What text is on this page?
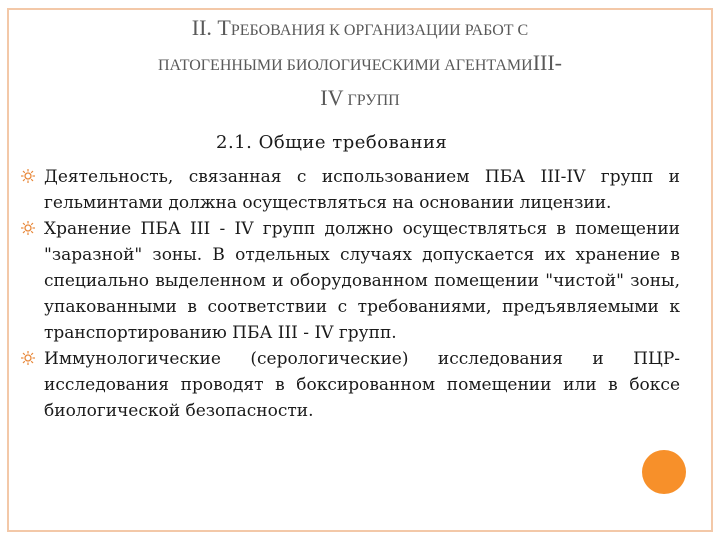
II. ТРЕБОВАНИЯ К ОРГАНИЗАЦИИ РАБОТ С
ПАТОГЕННЫМИ БИОЛОГИЧЕСКИМИ АГЕНТАМИIII-
IV ГРУПП
2.1. Общие требования
Деятельность, связанная с использованием ПБА III-IV групп и гельминтами должна осуществляться на основании лицензии.
Хранение ПБА III - IV групп должно осуществляться в помещении "заразной" зоны. В отдельных случаях допускается их хранение в специально выделенном и оборудованном помещении "чистой" зоны, упакованными в соответствии с требованиями, предъявляемыми к транспортированию ПБА III - IV групп.
Иммунологические (серологические) исследования и ПЦР-исследования проводят в боксированном помещении или в боксе биологической безопасности.
